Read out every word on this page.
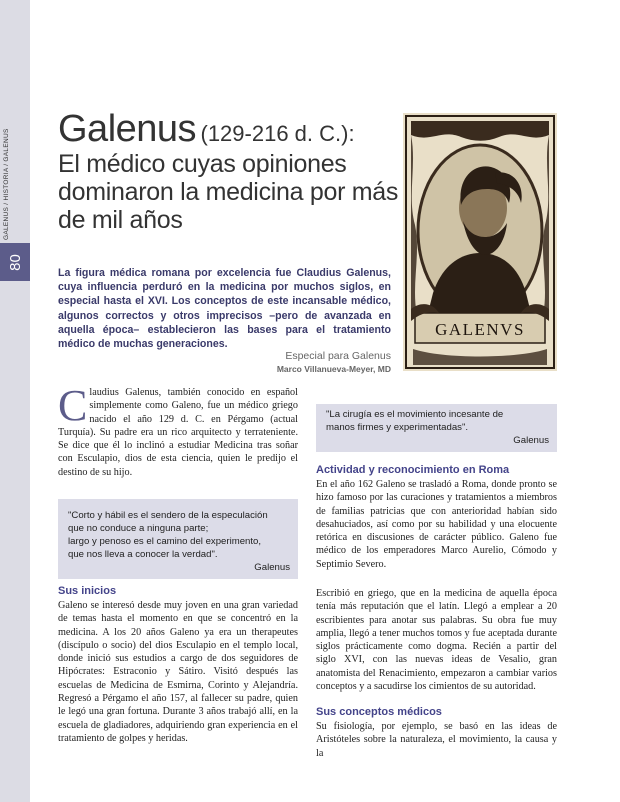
80
Galenus (129-216 d. C.):
El médico cuyas opiniones dominaron la medicina por más de mil años
GALENVS
La figura médica romana por excelencia fue Claudius Galenus, cuya influencia perduró en la medicina por muchos siglos, en especial hasta el XVI. Los conceptos de este incansable médico, algunos correctos y otros imprecisos –pero de avanzada en aquella época– establecieron las bases para el tratamiento médico de muchas generaciones.
Especial para Galenus
Marco Villanueva-Meyer, MD
C laudius Galenus, también conocido en español simplemente como Galeno, fue un médico griego nacido el año 129 d. C. en Pérgamo (actual Turquía). Su padre era un rico arquitecto y terrateniente. Se dice que él lo inclinó a estudiar Medicina tras soñar con Esculapio, dios de esta ciencia, quien le predijo el destino de su hijo.

"Corto y hábil es el sendero de la especulación
que no conduce a ninguna parte;
largo y penoso es el camino del experimento,
que nos lleva a conocer la verdad".
Galenus
Sus inicios

Galeno se interesó desde muy joven en una gran variedad de temas hasta el momento en que se concentró en la medicina. A los 20 años Galeno ya era un therapeutes (discípulo o socio) del dios Esculapio en el templo local, donde inició sus estudios a cargo de dos seguidores de Hipócrates: Estraconio y Sátiro. Visitó después las escuelas de Medicina de Esmirna, Corinto y Alejandría. Regresó a Pérgamo el año 157, al fallecer su padre, quien le legó una gran fortuna. Durante 3 años trabajó allí, en la escuela de gladiadores, adquiriendo gran experiencia en el tratamiento de golpes y heridas.

"La cirugía es el movimiento incesante de
manos firmes y experimentadas".
Galenus
Actividad y reconocimiento en Roma

En el año 162 Galeno se trasladó a Roma, donde pronto se hizo famoso por las curaciones y tratamientos a miembros de familias patricias que con anterioridad habían sido desahuciados, así como por su habilidad y una elocuente retórica en discusiones de carácter público. Galeno fue médico de los emperadores Marco Aurelio, Cómodo y Septimio Severo.

Escribió en griego, que en la medicina de aquella época tenía más reputación que el latín. Llegó a emplear a 20 escribientes para anotar sus palabras. Su obra fue muy amplia, llegó a tener muchos tomos y fue aceptada durante siglos prácticamente como dogma. Recién a partir del siglo XVI, con las nuevas ideas de Vesalio, gran anatomista del Renacimiento, empezaron a cambiar varios conceptos y a sacudirse los cimientos de su autoridad.

Sus conceptos médicos

Su fisiología, por ejemplo, se basó en las ideas de Aristóteles sobre la naturaleza, el movimiento, la causa y la
